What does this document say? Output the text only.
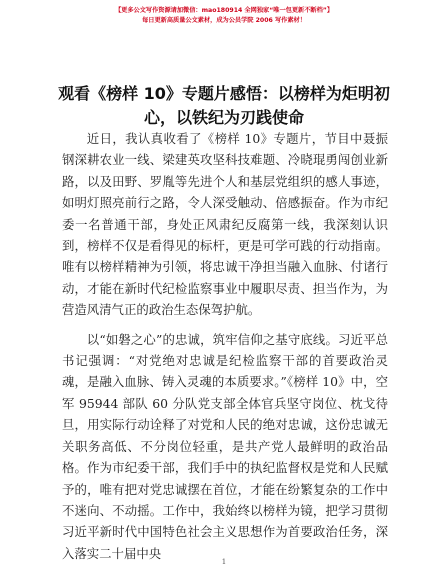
【更多公文写作资源请加微信：mao180914 全网独家“唯一包更新不断档”】
每日更新高质量公文素材，成为公员学院 2006 写作素材！
观看《榜样 10》专题片感悟：以榜样为炬明初心，以铁纪为刃践使命

近日，我认真收看了《榜样 10》专题片，节目中聂振钢深耕农业一线、梁建英攻坚科技难题、冷晓琨勇闯创业新路，以及田野、罗胤等先进个人和基层党组织的感人事迹，如明灯照亮前行之路，令人深受触动、倍感振奋。作为市纪委一名普通干部，身处正风肃纪反腐第一线，我深刻认识到，榜样不仅是看得见的标杆，更是可学可践的行动指南。唯有以榜样精神为引领，将忠诚干净担当融入血脉、付诸行动，才能在新时代纪检监察事业中履职尽责、担当作为，为营造风清气正的政治生态保驾护航。

以“如磐之心”的忠诚，筑牢信仰之基守底线。习近平总书记强调：“对党绝对忠诚是纪检监察干部的首要政治灵魂，是融入血脉、铸入灵魂的本质要求。”《榜样 10》中，空军 95944 部队 60 分队党支部全体官兵坚守岗位、枕戈待旦，用实际行动诠释了对党和人民的绝对忠诚，这份忠诚无关职务高低、不分岗位轻重，是共产党人最鲜明的政治品格。作为市纪委干部，我们手中的执纪监督权是党和人民赋予的，唯有把对党忠诚摆在首位，才能在纷繁复杂的工作中不迷向、不动摇。工作中，我始终以榜样为镜，把学习贯彻习近平新时代中国特色社会主义思想作为首要政治任务，深入落实二十届中央

1
